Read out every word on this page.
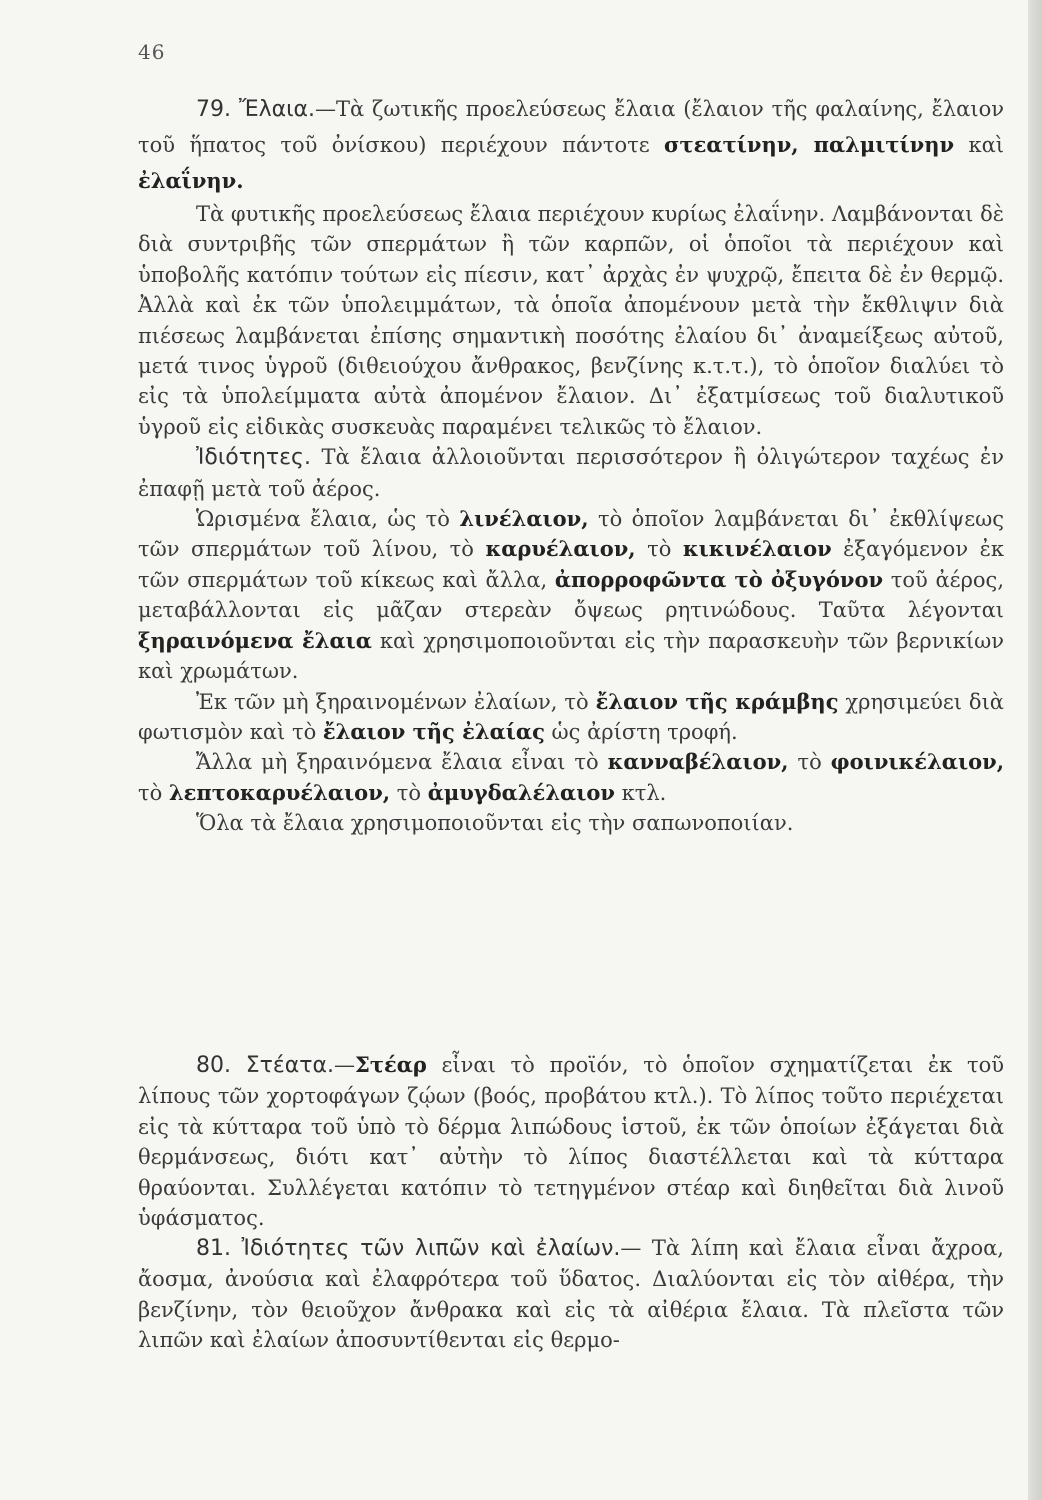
46

79. Ἔλαια.—Τὰ ζωτικῆς προελεύσεως ἔλαια (ἔλαιον τῆς φαλαίνης, ἔλαιον τοῦ ἥπατος τοῦ ὀνίσκου) περιέχουν πάντοτε στεατίνην, παλμιτίνην καὶ ἐλαΐνην.

Τὰ φυτικῆς προελεύσεως ἔλαια περιέχουν κυρίως ἐλαΐνην. Λαμβάνονται δὲ διὰ συντριβῆς τῶν σπερμάτων ἢ τῶν καρπῶν, οἱ ὁποῖοι τὰ περιέχουν καὶ ὑποβολῆς κατόπιν τούτων εἰς πίεσιν, κατ᾽ ἀρχὰς ἐν ψυχρῷ, ἔπειτα δὲ ἐν θερμῷ. Ἀλλὰ καὶ ἐκ τῶν ὑπολειμμάτων, τὰ ὁποῖα ἀπομένουν μετὰ τὴν ἔκθλιψιν διὰ πιέσεως λαμβάνεται ἐπίσης σημαντικὴ ποσότης ἐλαίου δι᾽ ἀναμείξεως αὐτοῦ, μετά τινος ὑγροῦ (διθειούχου ἄνθρακος, βενζίνης κ.τ.τ.), τὸ ὁποῖον διαλύει τὸ εἰς τὰ ὑπολείμματα αὐτὰ ἀπομένον ἔλαιον. Δι᾽ ἐξατμίσεως τοῦ διαλυτικοῦ ὑγροῦ εἰς εἰδικὰς συσκευὰς παραμένει τελικῶς τὸ ἔλαιον.

Ἰδιότητες. Τὰ ἔλαια ἀλλοιοῦνται περισσότερον ἢ ὀλιγώτερον ταχέως ἐν ἐπαφῇ μετὰ τοῦ ἀέρος.

Ὡρισμένα ἔλαια, ὡς τὸ λινέλαιον, τὸ ὁποῖον λαμβάνεται δι᾽ ἐκθλίψεως τῶν σπερμάτων τοῦ λίνου, τὸ καρυέλαιον, τὸ κικινέλαιον ἐξαγόμενον ἐκ τῶν σπερμάτων τοῦ κίκεως καὶ ἄλλα, ἀπορροφῶντα τὸ ὀξυγόνον τοῦ ἀέρος, μεταβάλλονται εἰς μᾶζαν στερεὰν ὄψεως ρητινώδους. Ταῦτα λέγονται ξηραινόμενα ἔλαια καὶ χρησιμοποιοῦνται εἰς τὴν παρασκευὴν τῶν βερνικίων καὶ χρωμάτων.

Ἐκ τῶν μὴ ξηραινομένων ἐλαίων, τὸ ἔλαιον τῆς κράμβης χρησιμεύει διὰ φωτισμὸν καὶ τὸ ἔλαιον τῆς ἐλαίας ὡς ἀρίστη τροφή.

Ἄλλα μὴ ξηραινόμενα ἔλαια εἶναι τὸ κανναβέλαιον, τὸ φοινικέλαιον, τὸ λεπτοκαρυέλαιον, τὸ ἀμυγδαλέλαιον κτλ.

Ὅλα τὰ ἔλαια χρησιμοποιοῦνται εἰς τὴν σαπωνοποιίαν.

80. Στέατα.—Στέαρ εἶναι τὸ προϊόν, τὸ ὁποῖον σχηματίζεται ἐκ τοῦ λίπους τῶν χορτοφάγων ζῴων (βοός, προβάτου κτλ.). Τὸ λίπος τοῦτο περιέχεται εἰς τὰ κύτταρα τοῦ ὑπὸ τὸ δέρμα λιπώδους ἱστοῦ, ἐκ τῶν ὁποίων ἐξάγεται διὰ θερμάνσεως, διότι κατ᾽ αὐτὴν τὸ λίπος διαστέλλεται καὶ τὰ κύτταρα θραύονται. Συλλέγεται κατόπιν τὸ τετηγμένον στέαρ καὶ διηθεῖται διὰ λινοῦ ὑφάσματος.

81. Ἰδιότητες τῶν λιπῶν καὶ ἐλαίων.— Τὰ λίπη καὶ ἔλαια εἶναι ἄχροα, ἄοσμα, ἀνούσια καὶ ἐλαφρότερα τοῦ ὕδατος. Διαλύονται εἰς τὸν αἰθέρα, τὴν βενζίνην, τὸν θειοῦχον ἄνθρακα καὶ εἰς τὰ αἰθέρια ἔλαια. Τὰ πλεῖστα τῶν λιπῶν καὶ ἐλαίων ἀποσυντίθενται εἰς θερμο-
